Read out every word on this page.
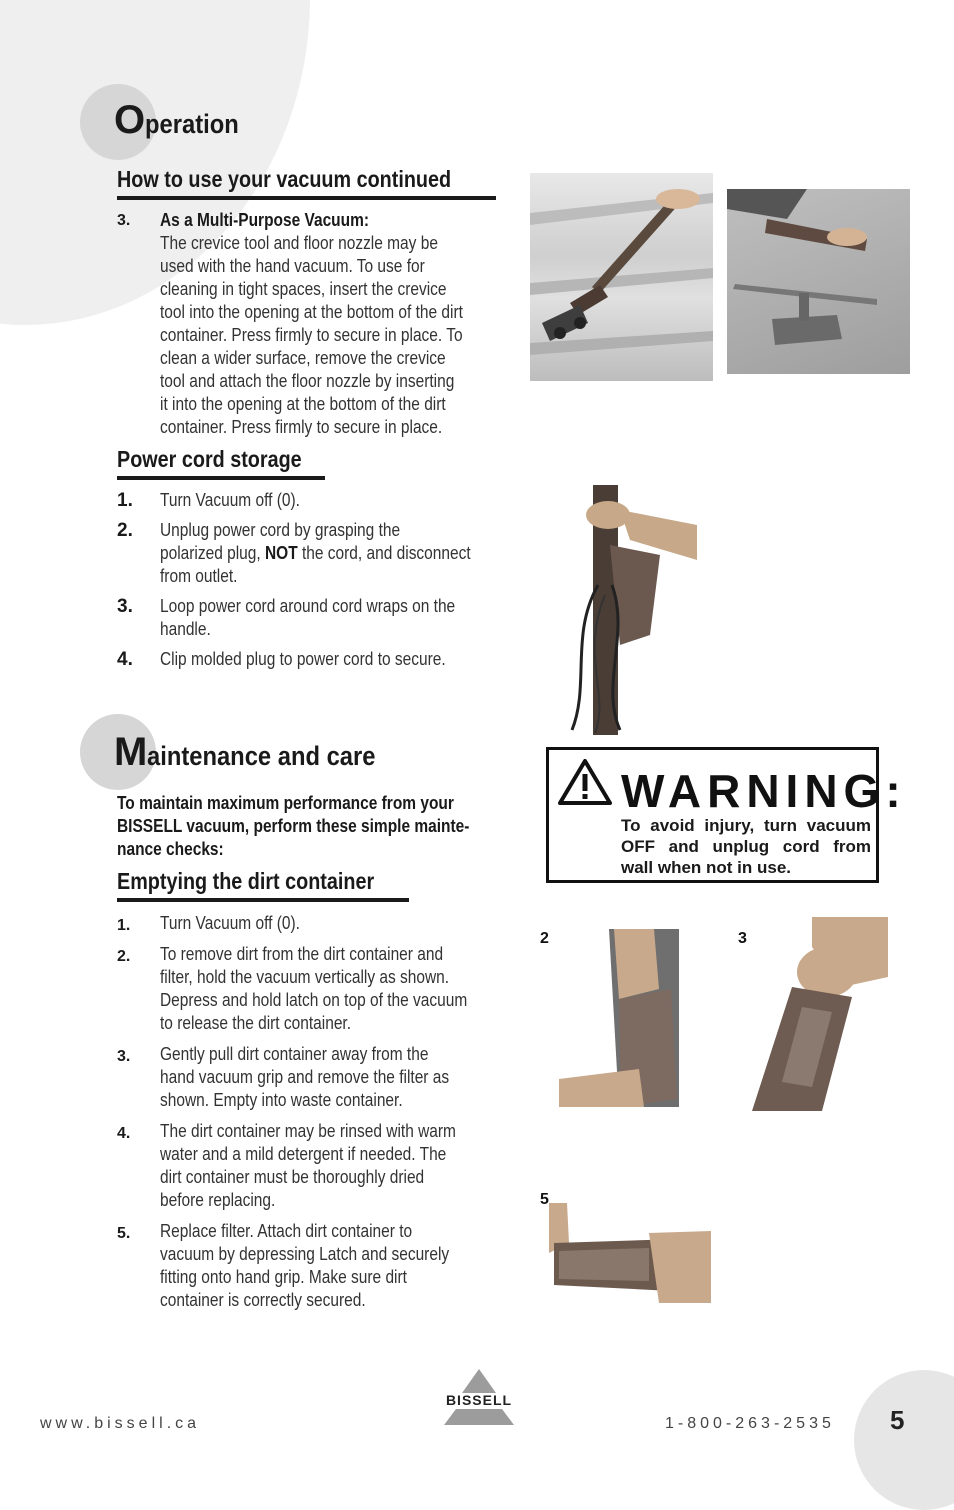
Operation
How to use your vacuum continued
3. As a Multi-Purpose Vacuum:
The crevice tool and floor nozzle may be
used with the hand vacuum. To use for
cleaning in tight spaces, insert the crevice
tool into the opening at the bottom of the dirt
container. Press firmly to secure in place. To
clean a wider surface, remove the crevice
tool and attach the floor nozzle by inserting
it into the opening at the bottom of the dirt
container. Press firmly to secure in place.

Power cord storage
1. Turn Vacuum off (0).
2. Unplug power cord by grasping the
polarized plug, NOT the cord, and disconnect
from outlet.
3. Loop power cord around cord wraps on the
handle.
4. Clip molded plug to power cord to secure.
Maintenance and care
To maintain maximum performance from your
BISSELL vacuum, perform these simple mainte-
nance checks:
Emptying the dirt container
1. Turn Vacuum off (0).

2. To remove dirt from the dirt container and
filter, hold the vacuum vertically as shown.
Depress and hold latch on top of the vacuum
to release the dirt container.

3. Gently pull dirt container away from the
hand vacuum grip and remove the filter as
shown. Empty into waste container.

4. The dirt container may be rinsed with warm
water and a mild detergent if needed. The
dirt container must be thoroughly dried
before replacing.

5. Replace filter. Attach dirt container to
vacuum by depressing Latch and securely
fitting onto hand grip. Make sure dirt
container is correctly secured.

WARNING:
To avoid injury, turn vacuum
OFF and unplug cord from
wall when not in use.
2	3
5
www.bissell.ca
BISSELL
1-800-263-2535 5
